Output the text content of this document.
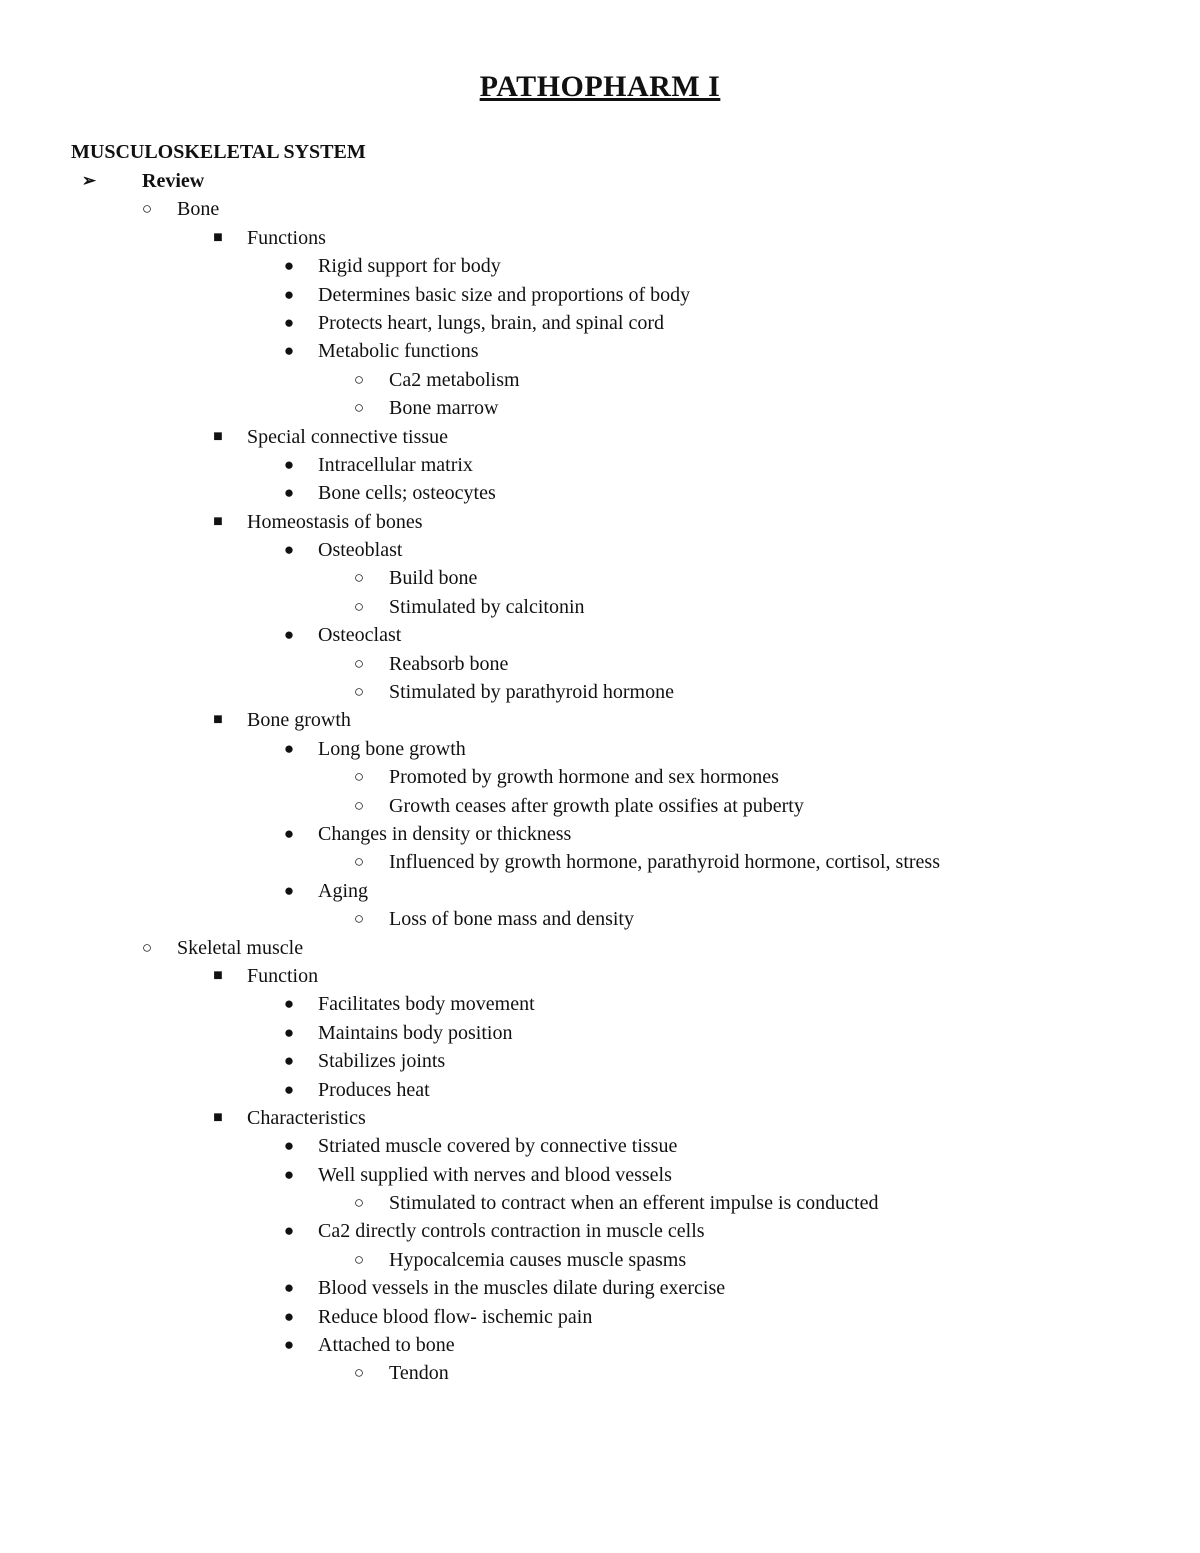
PATHOPHARM I
MUSCULOSKELETAL SYSTEM
➢ Review
○ Bone
■ Functions
● Rigid support for body
● Determines basic size and proportions of body
● Protects heart, lungs, brain, and spinal cord
● Metabolic functions
○ Ca2 metabolism
○ Bone marrow
■ Special connective tissue
● Intracellular matrix
● Bone cells; osteocytes
■ Homeostasis of bones
● Osteoblast
○ Build bone
○ Stimulated by calcitonin
● Osteoclast
○ Reabsorb bone
○ Stimulated by parathyroid hormone
■ Bone growth
● Long bone growth
○ Promoted by growth hormone and sex hormones
○ Growth ceases after growth plate ossifies at puberty
● Changes in density or thickness
○ Influenced by growth hormone, parathyroid hormone, cortisol, stress
● Aging
○ Loss of bone mass and density
○ Skeletal muscle
■ Function
● Facilitates body movement
● Maintains body position
● Stabilizes joints
● Produces heat
■ Characteristics
● Striated muscle covered by connective tissue
● Well supplied with nerves and blood vessels
○ Stimulated to contract when an efferent impulse is conducted
● Ca2 directly controls contraction in muscle cells
○ Hypocalcemia causes muscle spasms
● Blood vessels in the muscles dilate during exercise
● Reduce blood flow- ischemic pain
● Attached to bone
○ Tendon
